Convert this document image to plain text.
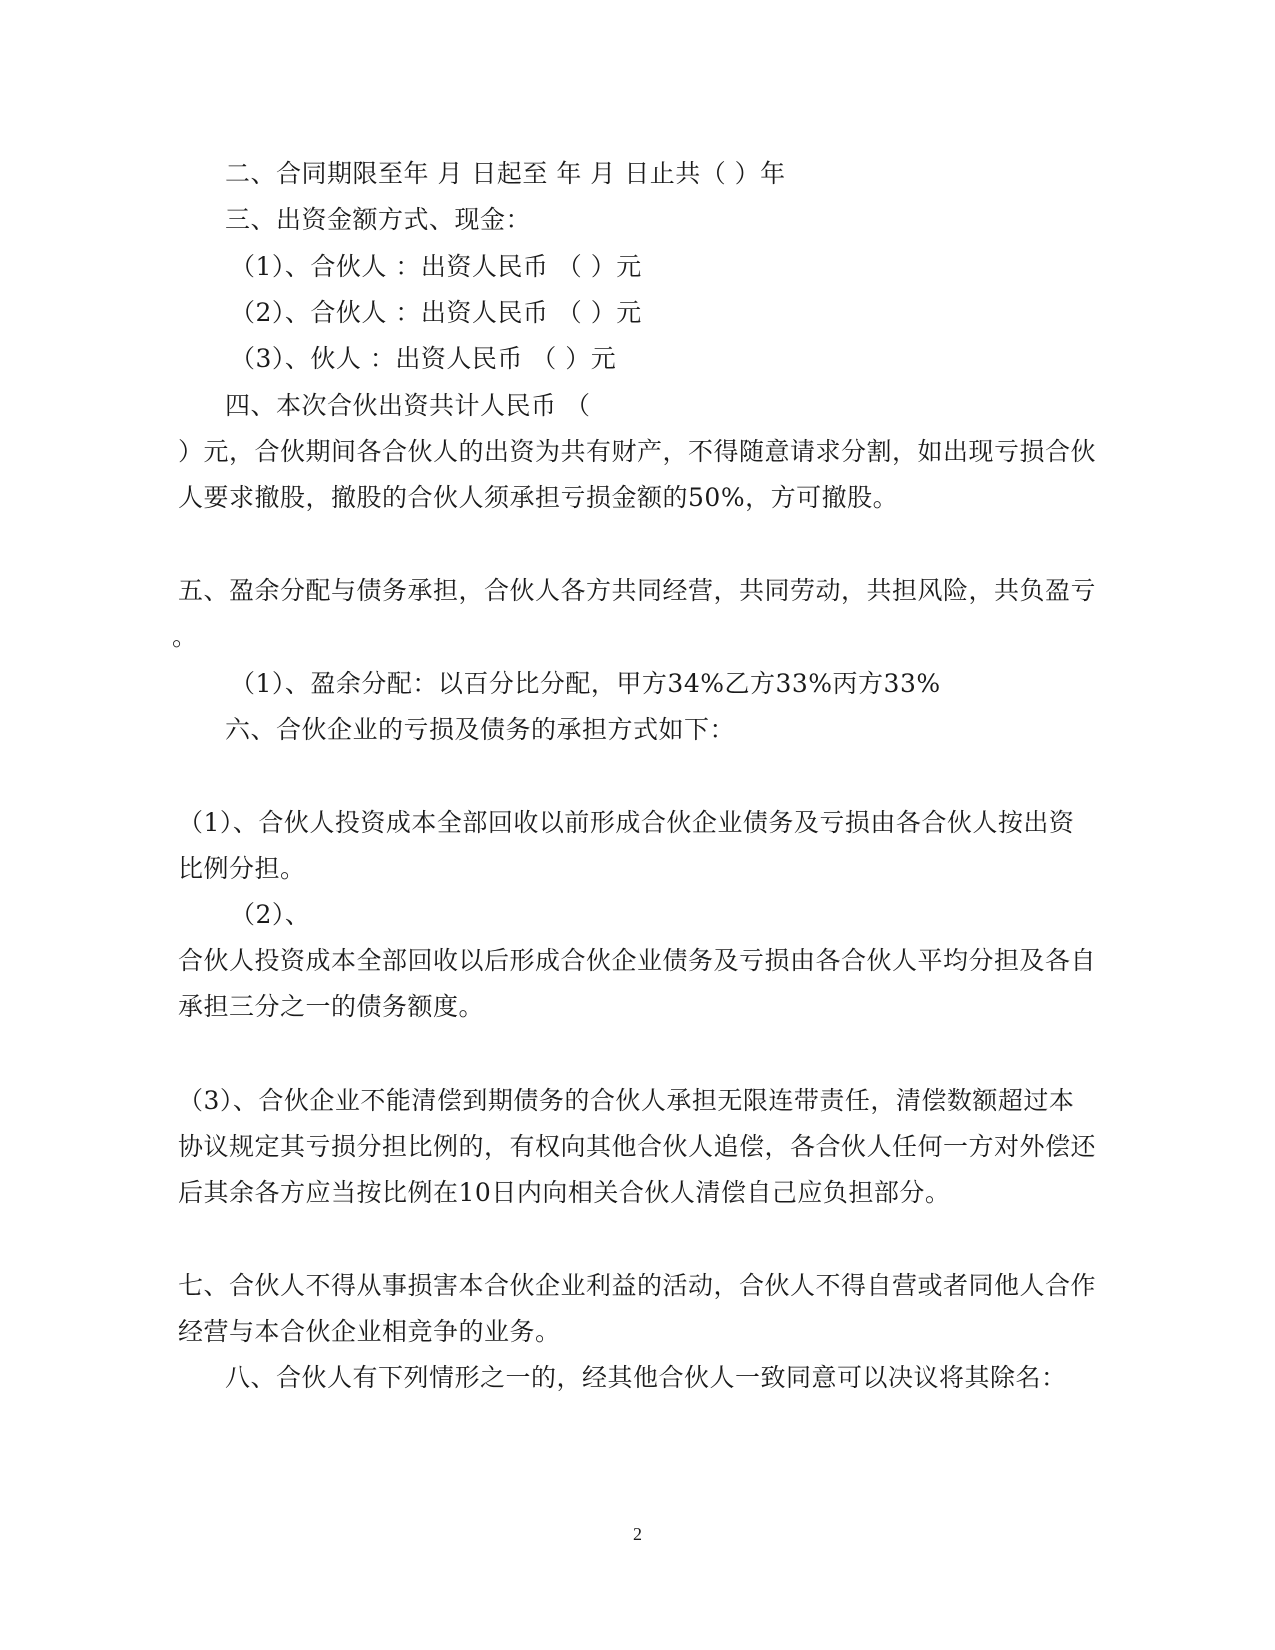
二、合同期限至年 月 日起至 年 月 日止共（ ）年
三、出资金额方式、现金：
（1）、合伙人 ：出资人民币 （ ）元
（2）、合伙人 ：出资人民币 （ ）元
（3）、伙人 ：出资人民币 （ ）元
四、本次合伙出资共计人民币 （
）元，合伙期间各合伙人的出资为共有财产，不得随意请求分割，如出现亏损合伙
人要求撤股，撤股的合伙人须承担亏损金额的50%，方可撤股。
五、盈余分配与债务承担，合伙人各方共同经营，共同劳动，共担风险，共负盈亏
。
（1）、盈余分配：以百分比分配，甲方34%乙方33%丙方33%
六、合伙企业的亏损及债务的承担方式如下：
（1）、合伙人投资成本全部回收以前形成合伙企业债务及亏损由各合伙人按出资
比例分担。
（2）、
合伙人投资成本全部回收以后形成合伙企业债务及亏损由各合伙人平均分担及各自
承担三分之一的债务额度。
（3）、合伙企业不能清偿到期债务的合伙人承担无限连带责任，清偿数额超过本
协议规定其亏损分担比例的，有权向其他合伙人追偿，各合伙人任何一方对外偿还
后其余各方应当按比例在10日内向相关合伙人清偿自己应负担部分。
七、合伙人不得从事损害本合伙企业利益的活动，合伙人不得自营或者同他人合作
经营与本合伙企业相竞争的业务。
八、合伙人有下列情形之一的，经其他合伙人一致同意可以决议将其除名：
2
